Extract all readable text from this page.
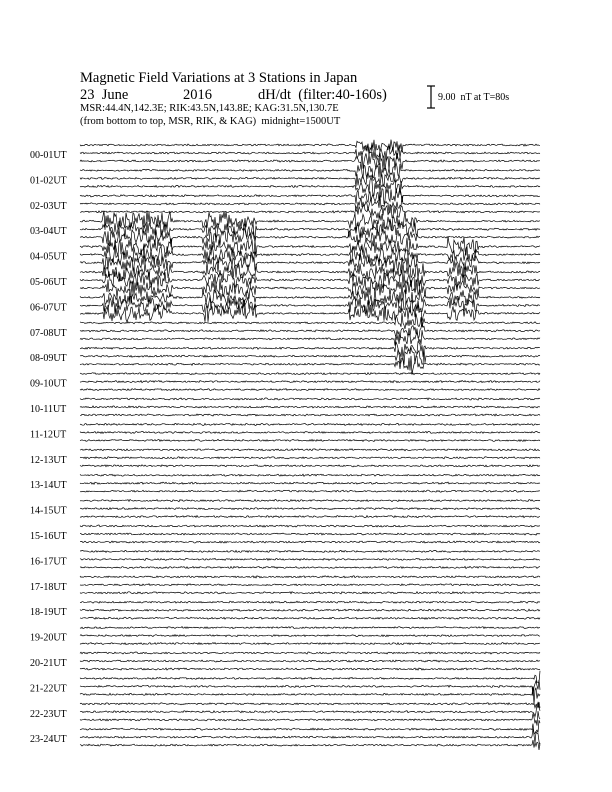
Magnetic Field Variations at 3 Stations in Japan
23  June	2016	dH/dt  (filter:40-160s)
MSR:44.4N,142.3E; RIK:43.5N,143.8E; KAG:31.5N,130.7E
(from bottom to top, MSR, RIK, & KAG)  midnight=1500UT
9.00  nT at T=80s
00-01UT
01-02UT
02-03UT
03-04UT
04-05UT
05-06UT
06-07UT
07-08UT
08-09UT
09-10UT
10-11UT
11-12UT
12-13UT
13-14UT
14-15UT
15-16UT
16-17UT
17-18UT
18-19UT
19-20UT
20-21UT
21-22UT
22-23UT
23-24UT
